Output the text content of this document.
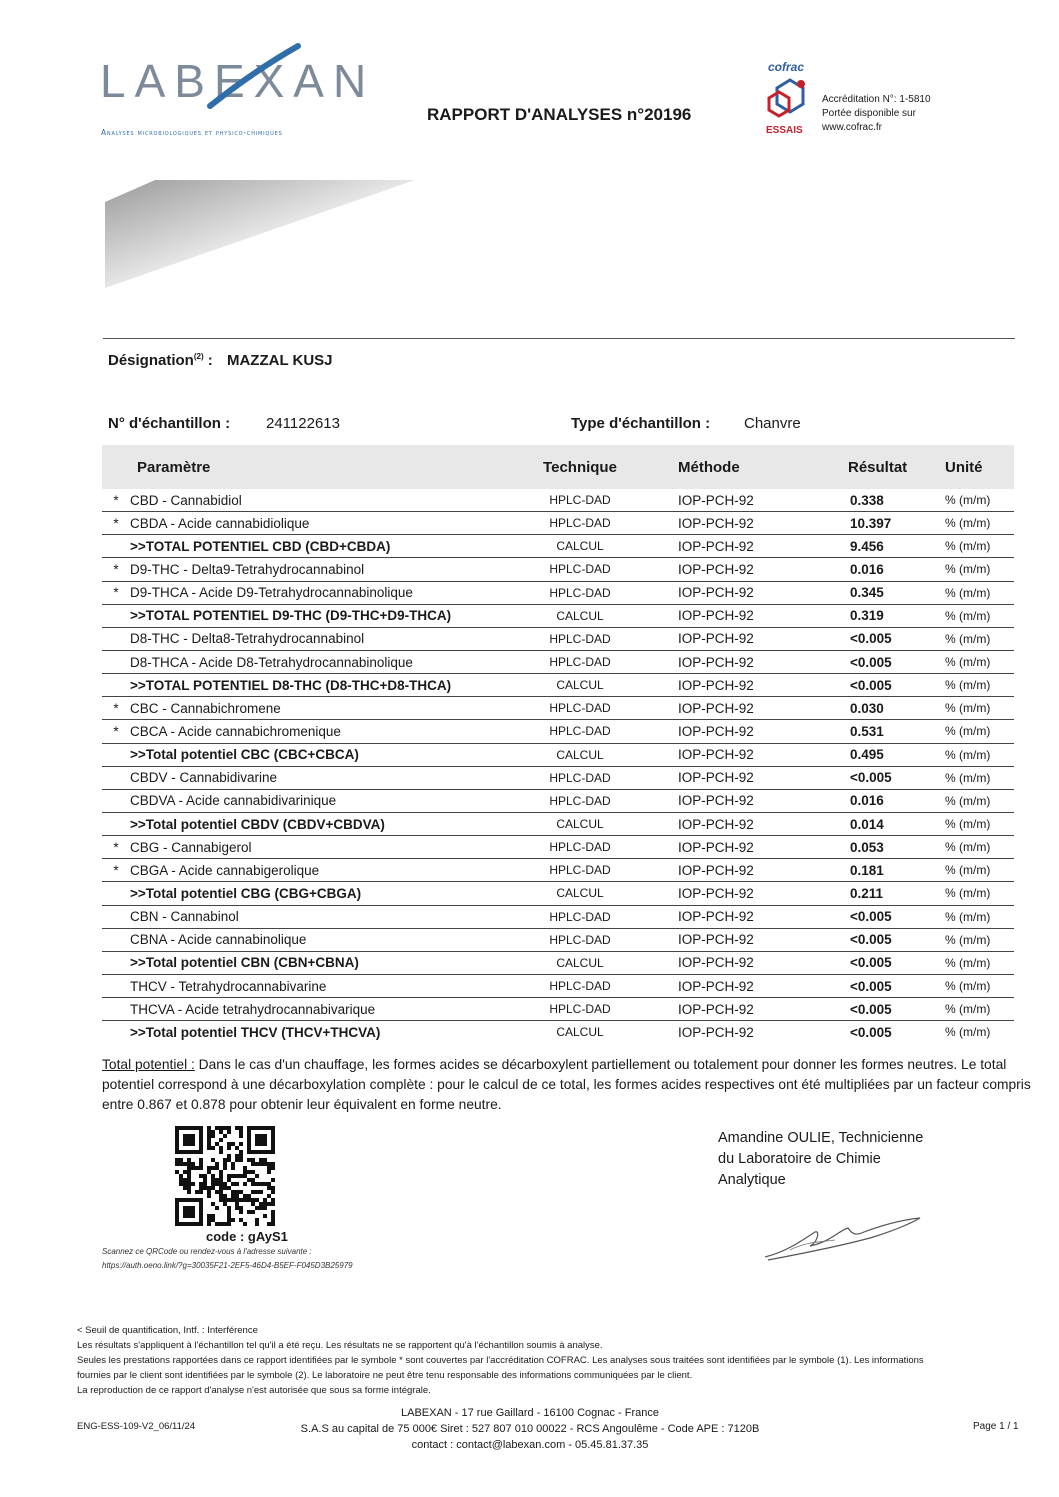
LABEXAN
Analyses microbiologiques et physico-chimiques
RAPPORT D'ANALYSES n°20196
cofrac
ESSAIS
Accréditation N°: 1-5810
Portée disponible sur
www.cofrac.fr
Désignation$^{(2)}$ : MAZZAL KUSJ
N° d'échantillon : 241122613	Type d'échantillon : Chanvre
Paramètre		Technique	Méthode	Résultat	Unité
*	CBD - Cannabidiol	HPLC-DAD	IOP-PCH-92	0.338	% (m/m)
*	CBDA - Acide cannabidiolique	HPLC-DAD	IOP-PCH-92	10.397	% (m/m)
	>>TOTAL POTENTIEL CBD (CBD+CBDA)	CALCUL	IOP-PCH-92	9.456	% (m/m)
*	D9-THC - Delta9-Tetrahydrocannabinol	HPLC-DAD	IOP-PCH-92	0.016	% (m/m)
*	D9-THCA - Acide D9-Tetrahydrocannabinolique	HPLC-DAD	IOP-PCH-92	0.345	% (m/m)
	>>TOTAL POTENTIEL D9-THC (D9-THC+D9-THCA)	CALCUL	IOP-PCH-92	0.319	% (m/m)
	D8-THC - Delta8-Tetrahydrocannabinol	HPLC-DAD	IOP-PCH-92	<0.005	% (m/m)
	D8-THCA - Acide D8-Tetrahydrocannabinolique	HPLC-DAD	IOP-PCH-92	<0.005	% (m/m)
	>>TOTAL POTENTIEL D8-THC (D8-THC+D8-THCA)	CALCUL	IOP-PCH-92	<0.005	% (m/m)
*	CBC - Cannabichromene	HPLC-DAD	IOP-PCH-92	0.030	% (m/m)
*	CBCA - Acide cannabichromenique	HPLC-DAD	IOP-PCH-92	0.531	% (m/m)
	>>Total potentiel CBC (CBC+CBCA)	CALCUL	IOP-PCH-92	0.495	% (m/m)
	CBDV - Cannabidivarine	HPLC-DAD	IOP-PCH-92	<0.005	% (m/m)
	CBDVA - Acide cannabidivarinique	HPLC-DAD	IOP-PCH-92	0.016	% (m/m)
	>>Total potentiel CBDV (CBDV+CBDVA)	CALCUL	IOP-PCH-92	0.014	% (m/m)
*	CBG - Cannabigerol	HPLC-DAD	IOP-PCH-92	0.053	% (m/m)
*	CBGA - Acide cannabigerolique	HPLC-DAD	IOP-PCH-92	0.181	% (m/m)
	>>Total potentiel CBG (CBG+CBGA)	CALCUL	IOP-PCH-92	0.211	% (m/m)
	CBN - Cannabinol	HPLC-DAD	IOP-PCH-92	<0.005	% (m/m)
	CBNA - Acide cannabinolique	HPLC-DAD	IOP-PCH-92	<0.005	% (m/m)
	>>Total potentiel CBN (CBN+CBNA)	CALCUL	IOP-PCH-92	<0.005	% (m/m)
	THCV - Tetrahydrocannabivarine	HPLC-DAD	IOP-PCH-92	<0.005	% (m/m)
	THCVA - Acide tetrahydrocannabivarique	HPLC-DAD	IOP-PCH-92	<0.005	% (m/m)
	>>Total potentiel THCV (THCV+THCVA)	CALCUL	IOP-PCH-92	<0.005	% (m/m)
Total potentiel : Dans le cas d'un chauffage, les formes acides se décarboxylent partiellement ou totalement pour donner les formes neutres. Le total potentiel correspond à une décarboxylation complète : pour le calcul de ce total, les formes acides respectives ont été multipliées par un facteur compris entre 0.867 et 0.878 pour obtenir leur équivalent en forme neutre.
code : gAyS1
Scannez ce QRCode ou rendez-vous à l'adresse suivante :
https://auth.oeno.link/?g=30035F21-2EF5-46D4-B5EF-F045D3B25979
Amandine OULIE, Technicienne
du Laboratoire de Chimie
Analytique
< Seuil de quantification, Intf. : Interférence
Les résultats s'appliquent à l'échantillon tel qu'il a été reçu. Les résultats ne se rapportent qu'à l'échantillon soumis à analyse.
Seules les prestations rapportées dans ce rapport identifiées par le symbole * sont couvertes par l'accréditation COFRAC. Les analyses sous traitées sont identifiées par le symbole (1). Les informations
fournies par le client sont identifiées par le symbole (2). Le laboratoire ne peut être tenu responsable des informations communiquées par le client.
La reproduction de ce rapport d'analyse n'est autorisée que sous sa forme intégrale.
ENG-ESS-109-V2_06/11/24
LABEXAN - 17 rue Gaillard - 16100 Cognac - France
S.A.S au capital de 75 000€ Siret : 527 807 010 00022 - RCS Angoulême - Code APE : 7120B
contact : contact@labexan.com - 05.45.81.37.35
Page 1 / 1
